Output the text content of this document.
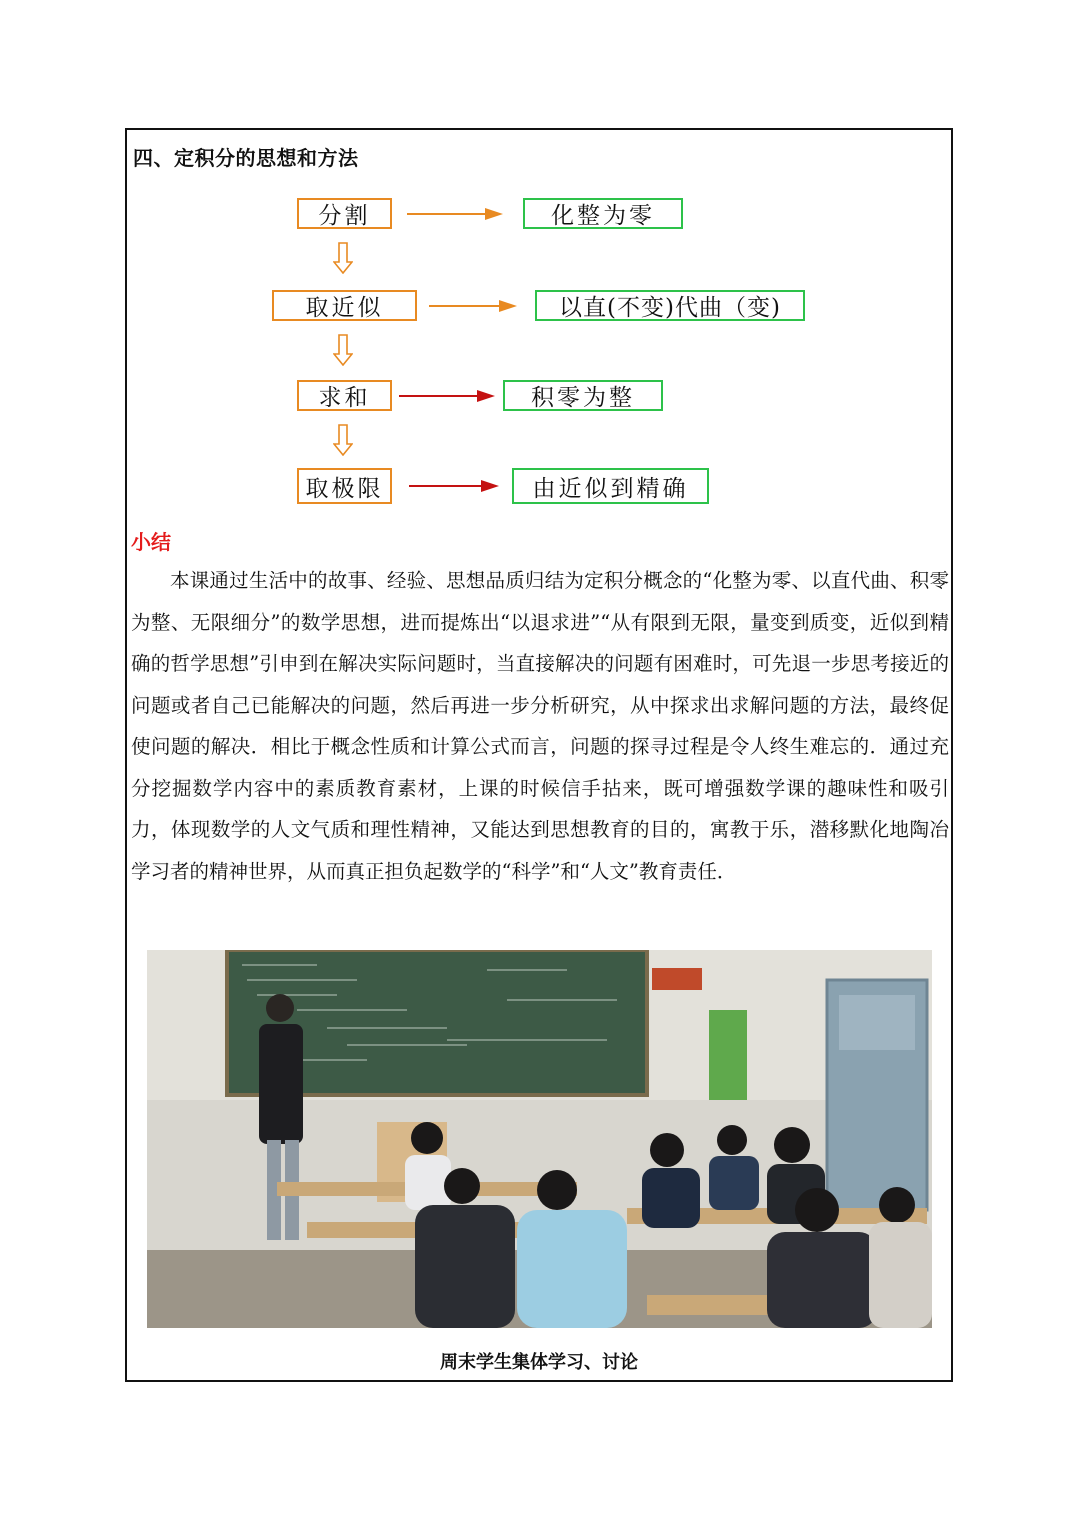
四、定积分的思想和方法
分割	化整为零
取近似	以直(不变)代曲（变)
求和	积零为整
取极限	由近似到精确
小结

本课通过生活中的故事、经验、思想品质归结为定积分概念的“化整为零、以直代曲、积零为整、无限细分”的数学思想，进而提炼出“以退求进”“从有限到无限，量变到质变，近似到精确的哲学思想”引申到在解决实际问题时，当直接解决的问题有困难时，可先退一步思考接近的问题或者自己已能解决的问题，然后再进一步分析研究，从中探求出求解问题的方法，最终促使问题的解决．相比于概念性质和计算公式而言，问题的探寻过程是令人终生难忘的．通过充分挖掘数学内容中的素质教育素材，上课的时候信手拈来，既可增强数学课的趣味性和吸引力，体现数学的人文气质和理性精神，又能达到思想教育的目的，寓教于乐，潜移默化地陶冶学习者的精神世界，从而真正担负起数学的“科学”和“人文”教育责任．

周末学生集体学习、讨论
